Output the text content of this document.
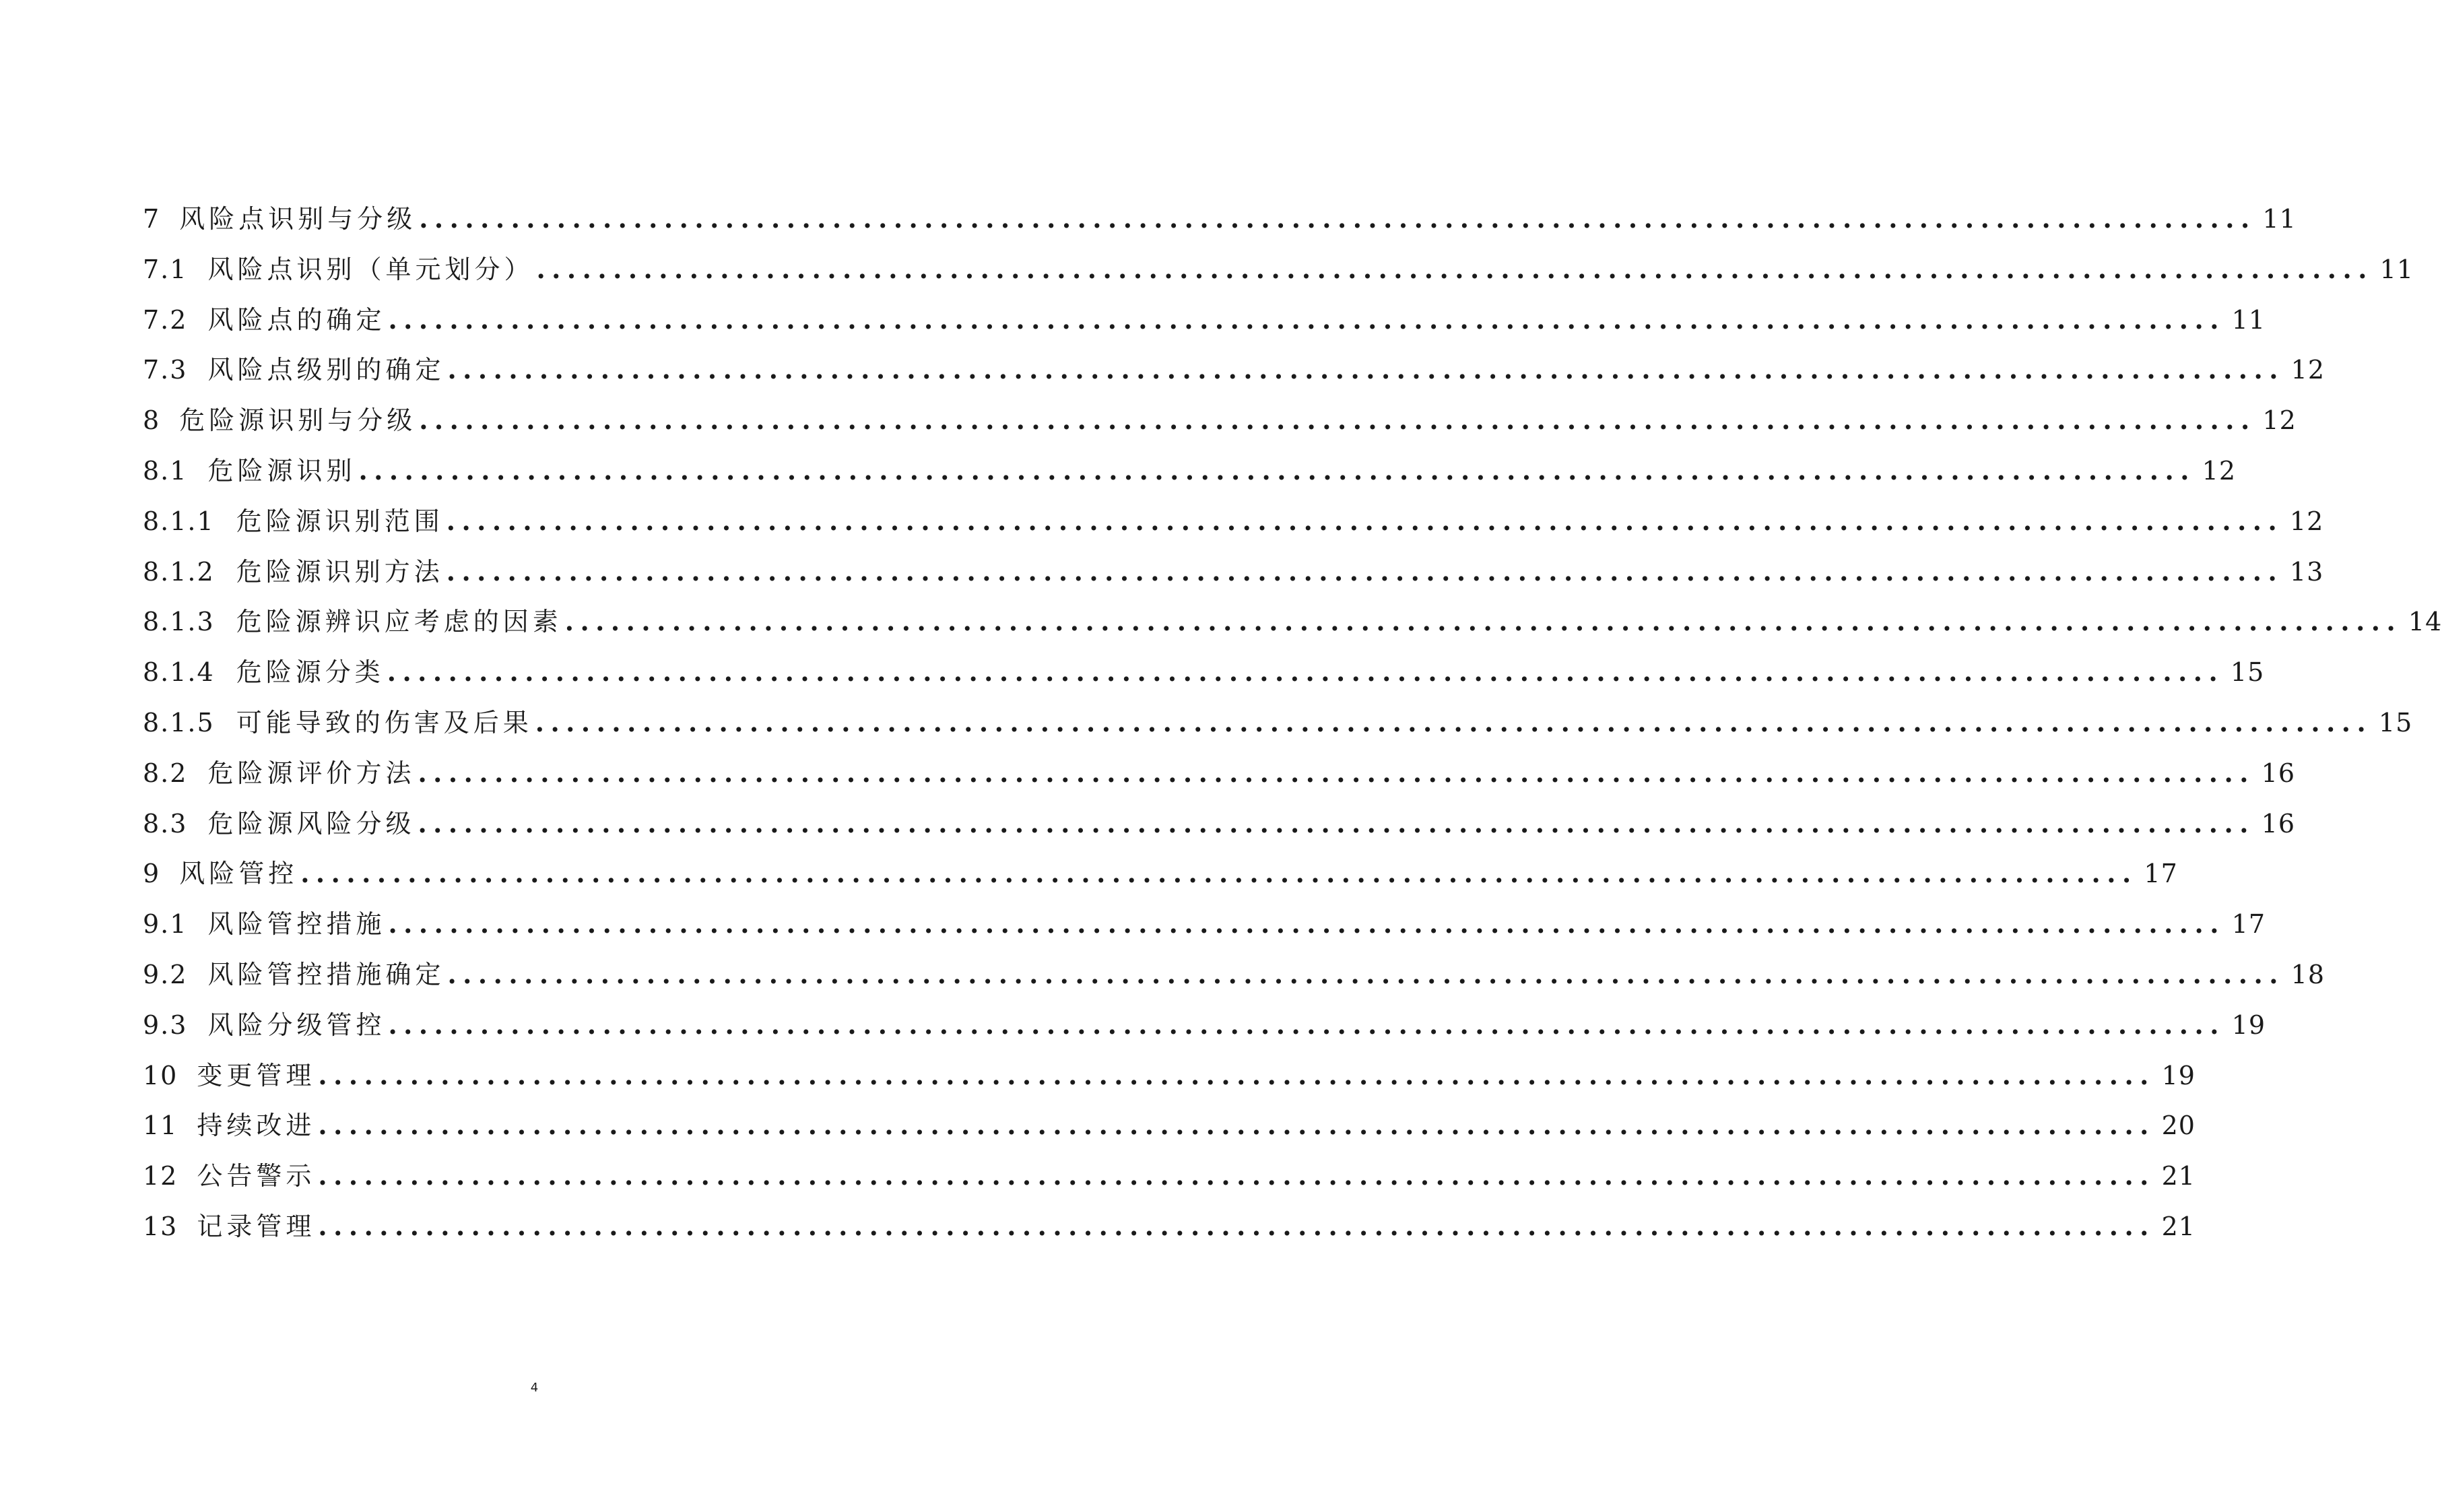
7 风险点识别与分级 ........................................................................................................................ 11
7.1 风险点识别（单元划分） ........................................................................................................................ 11
7.2 风险点的确定 ........................................................................................................................ 11
7.3 风险点级别的确定 ........................................................................................................................ 12
8 危险源识别与分级 ........................................................................................................................ 12
8.1 危险源识别 ........................................................................................................................ 12
8.1.1 危险源识别范围 ........................................................................................................................ 12
8.1.2 危险源识别方法 ........................................................................................................................ 13
8.1.3 危险源辨识应考虑的因素 ........................................................................................................................ 14
8.1.4 危险源分类 ........................................................................................................................ 15
8.1.5 可能导致的伤害及后果 ........................................................................................................................ 15
8.2 危险源评价方法 ........................................................................................................................ 16
8.3 危险源风险分级 ........................................................................................................................ 16
9 风险管控 ........................................................................................................................ 17
9.1 风险管控措施 ........................................................................................................................ 17
9.2 风险管控措施确定 ........................................................................................................................ 18
9.3 风险分级管控 ........................................................................................................................ 19
10 变更管理 ........................................................................................................................ 19
11 持续改进 ........................................................................................................................ 20
12 公告警示 ........................................................................................................................ 21
13 记录管理 ........................................................................................................................ 21
4
